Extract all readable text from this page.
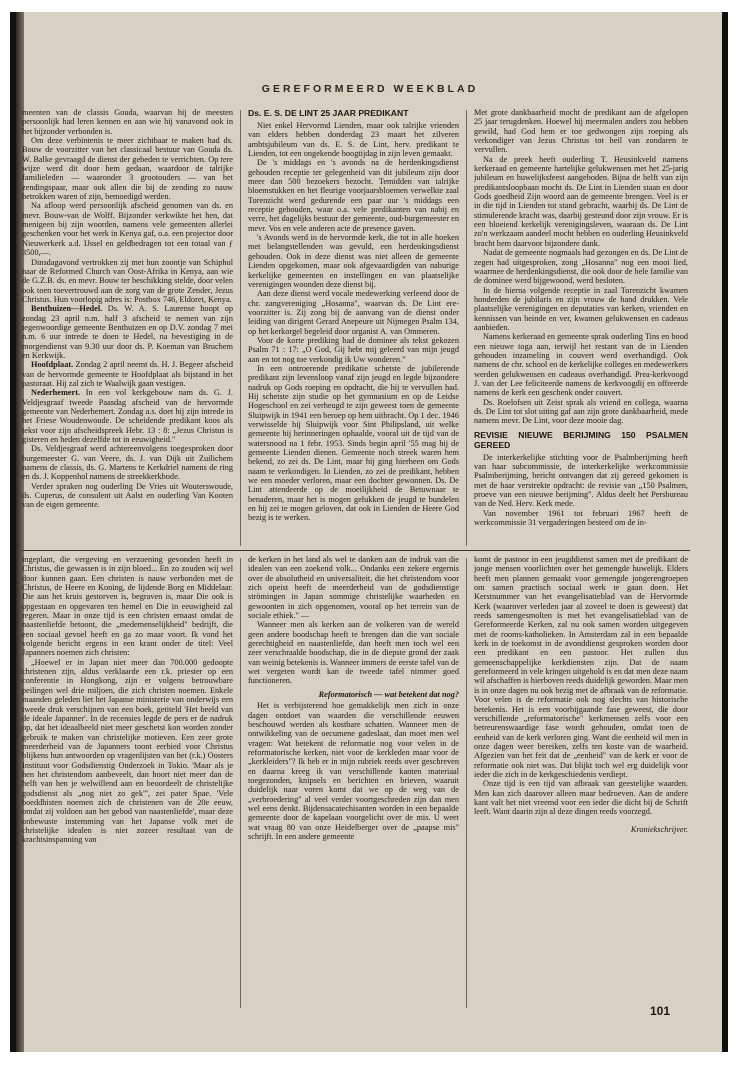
GEREFORMEERD WEEKBLAD

meenten van de classis Gouda, waarvan hij de meesten persoonlijk had leren kennen en aan wie hij vanavond ook in het bijzonder verbonden is.

Om deze verbintenis te meer zichtbaar te maken had ds. Bouw de voorzitter van het classicaal bestuur van Gouda ds. W. Balke gevraagd de dienst der gebeden te verrichten. Op tere wijze werd dit door hem gedaan, waardoor de talrijke familieleden — waaronder 3 grootouders — van het zendingspaar, maar ook allen die bij de zending zo nauw betrokken waren of zijn, bemoedigd werden.

Na afloop werd persoonlijk afscheid genomen van ds. en mevr. Bouw-van de Wolff. Bijzonder verkwikte het hen, dat menigeen bij zijn woorden, namens vele gemeenten allerlei geschenken voor het werk in Kenya gaf, o.a. een projector door Nieuwerkerk a.d. IJssel en geldbedragen tot een totaal van ƒ 3500,—.

Dinsdagavond vertrokken zij met hun zoontje van Schiphol naar de Reformed Church van Oost-Afrika in Kenya, aan wie de G.Z.B. ds. en mevr. Bouw ter beschikking stelde, door velen ook toen toevertrouwd aan de zorg van de grote Zender, Jezus Christus. Hun voorlopig adres is: Postbox 746, Eldoret, Kenya.

Benthuizen—Hedel. Ds. W. A. S. Laurense hoopt op zondag 23 april n.m. half 3 afscheid te nemen van zijn tegenwoordige gemeente Benthuizen en op D.V. zondag 7 mei n.m. 6 uur intrede te doen te Hedel, na bevestiging in de morgendienst van 9.30 uur door ds. P. Koeman van Bruchem en Kerkwijk.

Hoofdplaat. Zondag 2 april neemt ds. H. J. Begeer afscheid van de hervormde gemeente te Hoofdplaat als bijstand in het pastoraat. Hij zal zich te Waalwijk gaan vestigen.

Nederhemert. In een vol kerkgebouw nam ds. G. J. Veldjesgraaf tweede Paasdag afscheid van de hervormde gemeente van Nederhemert. Zondag a.s. doet hij zijn intrede in het Friese Woudenwoude. De scheidende predikant koos als tekst voor zijn afscheidspreek Hebr. 13 : 8: „Jezus Christus is gisteren en heden dezelfde tot in eeuwigheid."

Ds. Veldjesgraaf werd achtereenvolgens toegesproken door burgemeester G. van Veere, ds. J. van Dijk uit Zuilichem namens de classis, ds. G. Martens te Kerkdriel namens de ring en ds. J. Koppenhol namens de streekkerkbode.

Verder spraken nog ouderling De Vries uit Wouterswoude, ds. Cuperus, de consulent uit Aalst en ouderling Van Kooten van de eigen gemeente.

Ds. E. S. DE LINT 25 JAAR PREDIKANT

Niet enkel Hervormd Lienden, maar ook talrijke vrienden van elders hebben donderdag 23 maart het zilveren ambtsjubileum van ds. E. S. de Lint, herv. predikant te Lienden, tot een ongekende hoogtijdag in zijn leven gemaakt.

De 's middags en 's avonds na de herdenkingsdienst gehouden receptie ter gelegenheid van dit jubileum zijn door meer dan 500 bezoekers bezocht. Temidden van talrijke bloemstukken en het fleurige voorjaarsbloemen verwelkte zaal Torenzicht werd gedurende een paar uur 's middags een receptie gehouden, waar o.a. vele predikanten van nabij en verre, het dagelijks bestuur der gemeente, oud-burgemeester en mevr. Vos en vele anderen acte de presence gaven.

's Avonds werd in de hervormde kerk, die tot in alle hoeken met belangstellenden was gevuld, een herdenkingsdienst gehouden. Ook in deze dienst was niet alleen de gemeente Lienden opgekomen, maar ook afgevaardigden van naburige kerkelijke gemeenten en instellingen en van plaatselijke verenigingen woonden deze dienst bij.

Aan deze dienst werd vocale medewerking verleend door de chr. zangvereniging „Hosanna", waarvan ds. De Lint ere-voorzitter is. Zij zong bij de aanvang van de dienst onder leiding van dirigent Gerard Anepeure uit Nijmegen Psalm 134, op het kerkorgel begeleid door organist A. van Ommeren.

Voor de korte prediking had de dominee als tekst gekozen Psalm 71 : 17: „O God, Gij hebt mij geleerd van mijn jeugd aan en tot nog toe verkondig ik Uw wonderen."

In een ontroerende predikatie schetste de jubilerende predikant zijn levensloop vanaf zijn jeugd en legde bijzondere nadruk op Gods roeping en opdracht, die hij te vervullen had. Hij schetste zijn studie op het gymnasium en op de Leidse Hogeschool en zei verheugd te zijn geweest toen de gemeente Sluipwijk in 1941 een beroep op hem uitbracht. Op 1 dec. 1946 verwisselde hij Sluipwijk voor Sint Philipsland, uit welke gemeente hij herinneringen ophaalde, vooral uit de tijd van de watersnood na 1 febr. 1953. Sinds begin april '55 mag hij de gemeente Lienden dienen. Gemeente noch streek waren hem bekend, zo zei ds. De Lint, maar hij ging hierheen om Gods naam te verkondigen. In Lienden, zo zei de predikant, hebben we een moeder verloren, maar een dochter gewonnen. Ds. De Lint attendeerde op de moeilijkheid de Betuwnaar te benaderen, maar het is mogen gelukken de jeugd te bundelen en hij zei te mogen geloven, dat ook in Lienden de Heere God bezig is te werken.

Met grote dankbaarheid mocht de predikant aan de afgelopen 25 jaar terugdenken. Hoewel hij meermalen anders zou hebben gewild, had God hem er toe gedwongen zijn roeping als verkondiger van Jezus Christus tot heil van zondaren te vervullen.

Na de preek heeft ouderling T. Heusinkveld namens kerkeraad en gemeente hartelijke gelukwensen met het 25-jarig jubileum en huwelijksfeest aangeboden. Bijna de helft van zijn predikantsloopbaan mocht ds. De Lint in Lienden staan en door Gods goedheid Zijn woord aan de gemeente brengen. Veel is er in die tijd in Lienden tot stand gebracht, waarbij ds. De Lint de stimulerende kracht was, daarbij gesteund door zijn vrouw. Er is een bloeiend kerkelijk verenigingsleven, waaraan ds. De Lint zo'n werkzaam aandeel mocht hebben en ouderling Heusinkveld bracht hem daarvoor bijzondere dank.

Nadat de gemeente nogmaals had gezongen en ds. De Lint de zegen had uitgesproken, zong „Hosanna" nog een mooi lied, waarmee de herdenkingsdienst, die ook door de hele familie van de dominee werd bijgewoond, werd besloten.

In de hierna volgende receptie in zaal Torenzicht kwamen honderden de jubilaris en zijn vrouw de hand drukken. Vele plaatselijke verenigingen en deputaties van kerken, vrienden en kennissen van heinde en ver, kwamen gelukwensen en cadeaus aanbieden.

Namens kerkeraad en gemeente sprak ouderling Tins en bood een nieuwe toga aan, terwijl het restant van de in Lienden gehouden inzameling in couvert werd overhandigd. Ook namens de chr. school en de kerkelijke colleges en medewerkers werden gelukwensen en cadeaus overhandigd. Prea-kerkvoogd J. van der Lee feliciteerde namens de kerkvoogdij en offreerde namens de kerk een geschenk onder couvert.

Ds. Roelofsen uit Zeist sprak als vriend en collega, waarna ds. De Lint tot slot uiting gaf aan zijn grote dankbaarheid, mede namens mevr. De Lint, voor deze mooie dag.

REVISIE NIEUWE BERIJMING 150 PSALMEN GEREED

De interkerkelijke stichting voor de Psalmberijming heeft van haar subcommissie, de interkerkelijke werkcommissie Psalmberijming, bericht ontvangen dat zij gereed gekomen is met de haar verstrekte opdracht: de revisie van „150 Psalmen, proeve van een nieuwe berijming". Aldus deelt het Persbureau van de Ned. Herv. Kerk mede.

Van november 1961 tot februari 1967 heeft de werkcommissie 31 vergaderingen besteed om de in-

ingeplant, die vergeving en verzoening gevonden heeft in Christus, die gewassen is in zijn bloed... En zo zouden wij wel door kunnen gaan. Een christen is nauw verbonden met de Christus, de Heere en Koning, de lijdende Borg en Middelaar. Die aan het kruis gestorven is, begraven is, maar Die ook is opgestaan en opgevaren ten hemel en Die in eeuwigheid zal regeren. Maar in onze tijd is een christen ernaast omdat de naastenliefde betoont, die „medemenselijkheid" bedrijft, die een sociaal gevoel heeft en ga zo maar voort. Ik vond het volgende bericht ergens in een krant onder de titel: Veel Japanners noemen zich christen:

„Hoewel er in Japan niet meer dan 700.000 gedoopte christenen zijn, aldus verklaarde een r.k. priester op een conferentie in Hongkong, zijn er volgens betrouwbare peilingen wel drie miljoen, die zich christen noemen. Enkele maanden geleden liet het Japanse ministerie van onderwijs een tweede druk verschijnen van een boek, getiteld 'Het beeld van de ideale Japanner'. In de recensies legde de pers er de nadruk op, dat het ideaalbeeld niet meer geschetst kon worden zonder gebruik te maken van christelijke motieven. Een zeer grote meerderheid van de Japanners toont eerbied voor Christus blijkens hun antwoorden op vragenlijsten van het (r.k.) Oosters Instituut voor Godsdienstig Onderzoek in Tokio. 'Maar als je hen het christendom aanbeveelt, dan hoort niet meer dan de helft van hen je welwillend aan en beoordeelt de christelijke godsdienst als „nog niet zo gek"', zei pater Spae. 'Vele boeddhisten noemen zich de christenen van de 20e eeuw, omdat zij voldoen aan het gebod van naastenliefde', maar deze onbewuste instemming van het Japanse volk met de christelijke idealen is niet zozeer resultaat van de krachtsinspanning van

de kerken in het land als wel te danken aan de indruk van die idealen van een zoekend volk... Ondanks een zekere ergernis over de absolutheid en universaliteit, die het christendom voor zich opeist heeft de meerderheid van de godsdienstige strömingen in Japan sommige christelijke waarheden en gewoonten in zich opgenomen, vooral op het terrein van de sociale ethiek." —

Wanneer men als kerken aan de volkeren van de wereld geen andere boodschap heeft te brengen dan die van sociale gerechtigheid en naastenliefde, dan heeft men toch wel een zeer verschraalde boodschap, die in de diepste grond der zaak van weinig betekenis is. Wanneer immers de eerste tafel van de wet vergeten wordt kan de tweede tafel nimmer goed functioneren.

Reformatorisch — wat betekent dat nog?

Het is verbijsterend hoe gemakkelijk men zich in onze dagen ontdoet van waarden die verschillende eeuwen beschouwd werden als kostbare schatten. Wanneer men de ontwikkeling van de oecumene gadeslaat, dan moet men wel vragen: Wat betekent de reformatie nog voor velen in de reformatorische kerken, niet voor de kerkleden maar voor de „kerkleiders"? Ik heb er in mijn rubriek reeds over geschreven en daarna kreeg ik van verschillende kanten materiaal toegezonden, knipsels en berichten en brieven, waaruit duidelijk naar voren komt dat we op de weg van de „verbroedering" al veel verder voortgeschreden zijn dan men wel eens denkt. Bijdensacatechisanten worden in een bepaalde gemeente door de kapelaan voorgelicht over de mis. U weet wat vraag 80 van onze Heidelberger over de „paapse mis" schrijft. In een andere gemeente

komt de pastoor in een jeugddienst samen met de predikant de jonge mensen voorlichten over het gemengde huwelijk. Elders heeft men plannen gemaakt voor gemengde jongerengroepen om samen practisch sociaal werk te gaan doen. Het Kerstnummer van het evangelisatieblad van de Hervormde Kerk (waarover verleden jaar al zoveel te doen is geweest) dat reeds samengesmolten is met het evangelisatieblad van de Gereformeerde Kerken, zal nu ook samen worden uitgegeven met de rooms-katholieken. In Amsterdam zal in een bepaalde kerk in de toekomst in de avonddienst gesproken worden door een predikant en een pastoor. Het zullen dus gemeenschappelijke kerkdiensten zijn. Dat de naam gereformeerd in vele kringen uitgehold is en dat men deze naam wil afschaffen is hierboven reeds duidelijk geworden. Maar men is in onze dagen nu ook bezig met de afbraak van de reformatie. Voor velen is de reformatie ook nog slechts van historische betekenis. Het is een voorbijgaande fase geweest, die door verschillende „reformatorische" kerkmensen zelfs voor een betreurenswaardige fase wordt gehouden, omdat toen de eenheid van de kerk verloren ging. Want die eenheid wil men in onze dagen weer bereiken, zelfs ten koste van de waarheid. Afgezien van het feit dat de „eenheid" van de kerk er voor de reformatie ook niet was. Dat blijkt toch wel erg duidelijk voor ieder die zich in de kerkgeschiedenis verdiept.

Onze tijd is een tijd van afbraak van geestelijke waarden. Men kan zich daarover alleen maar bedroeven. Aan de andere kant valt het niet vreemd voor een ieder die dicht bij de Schrift leeft. Want daarin zijn al deze dingen reeds voorzegd.

Kroniekschrijver.
101
